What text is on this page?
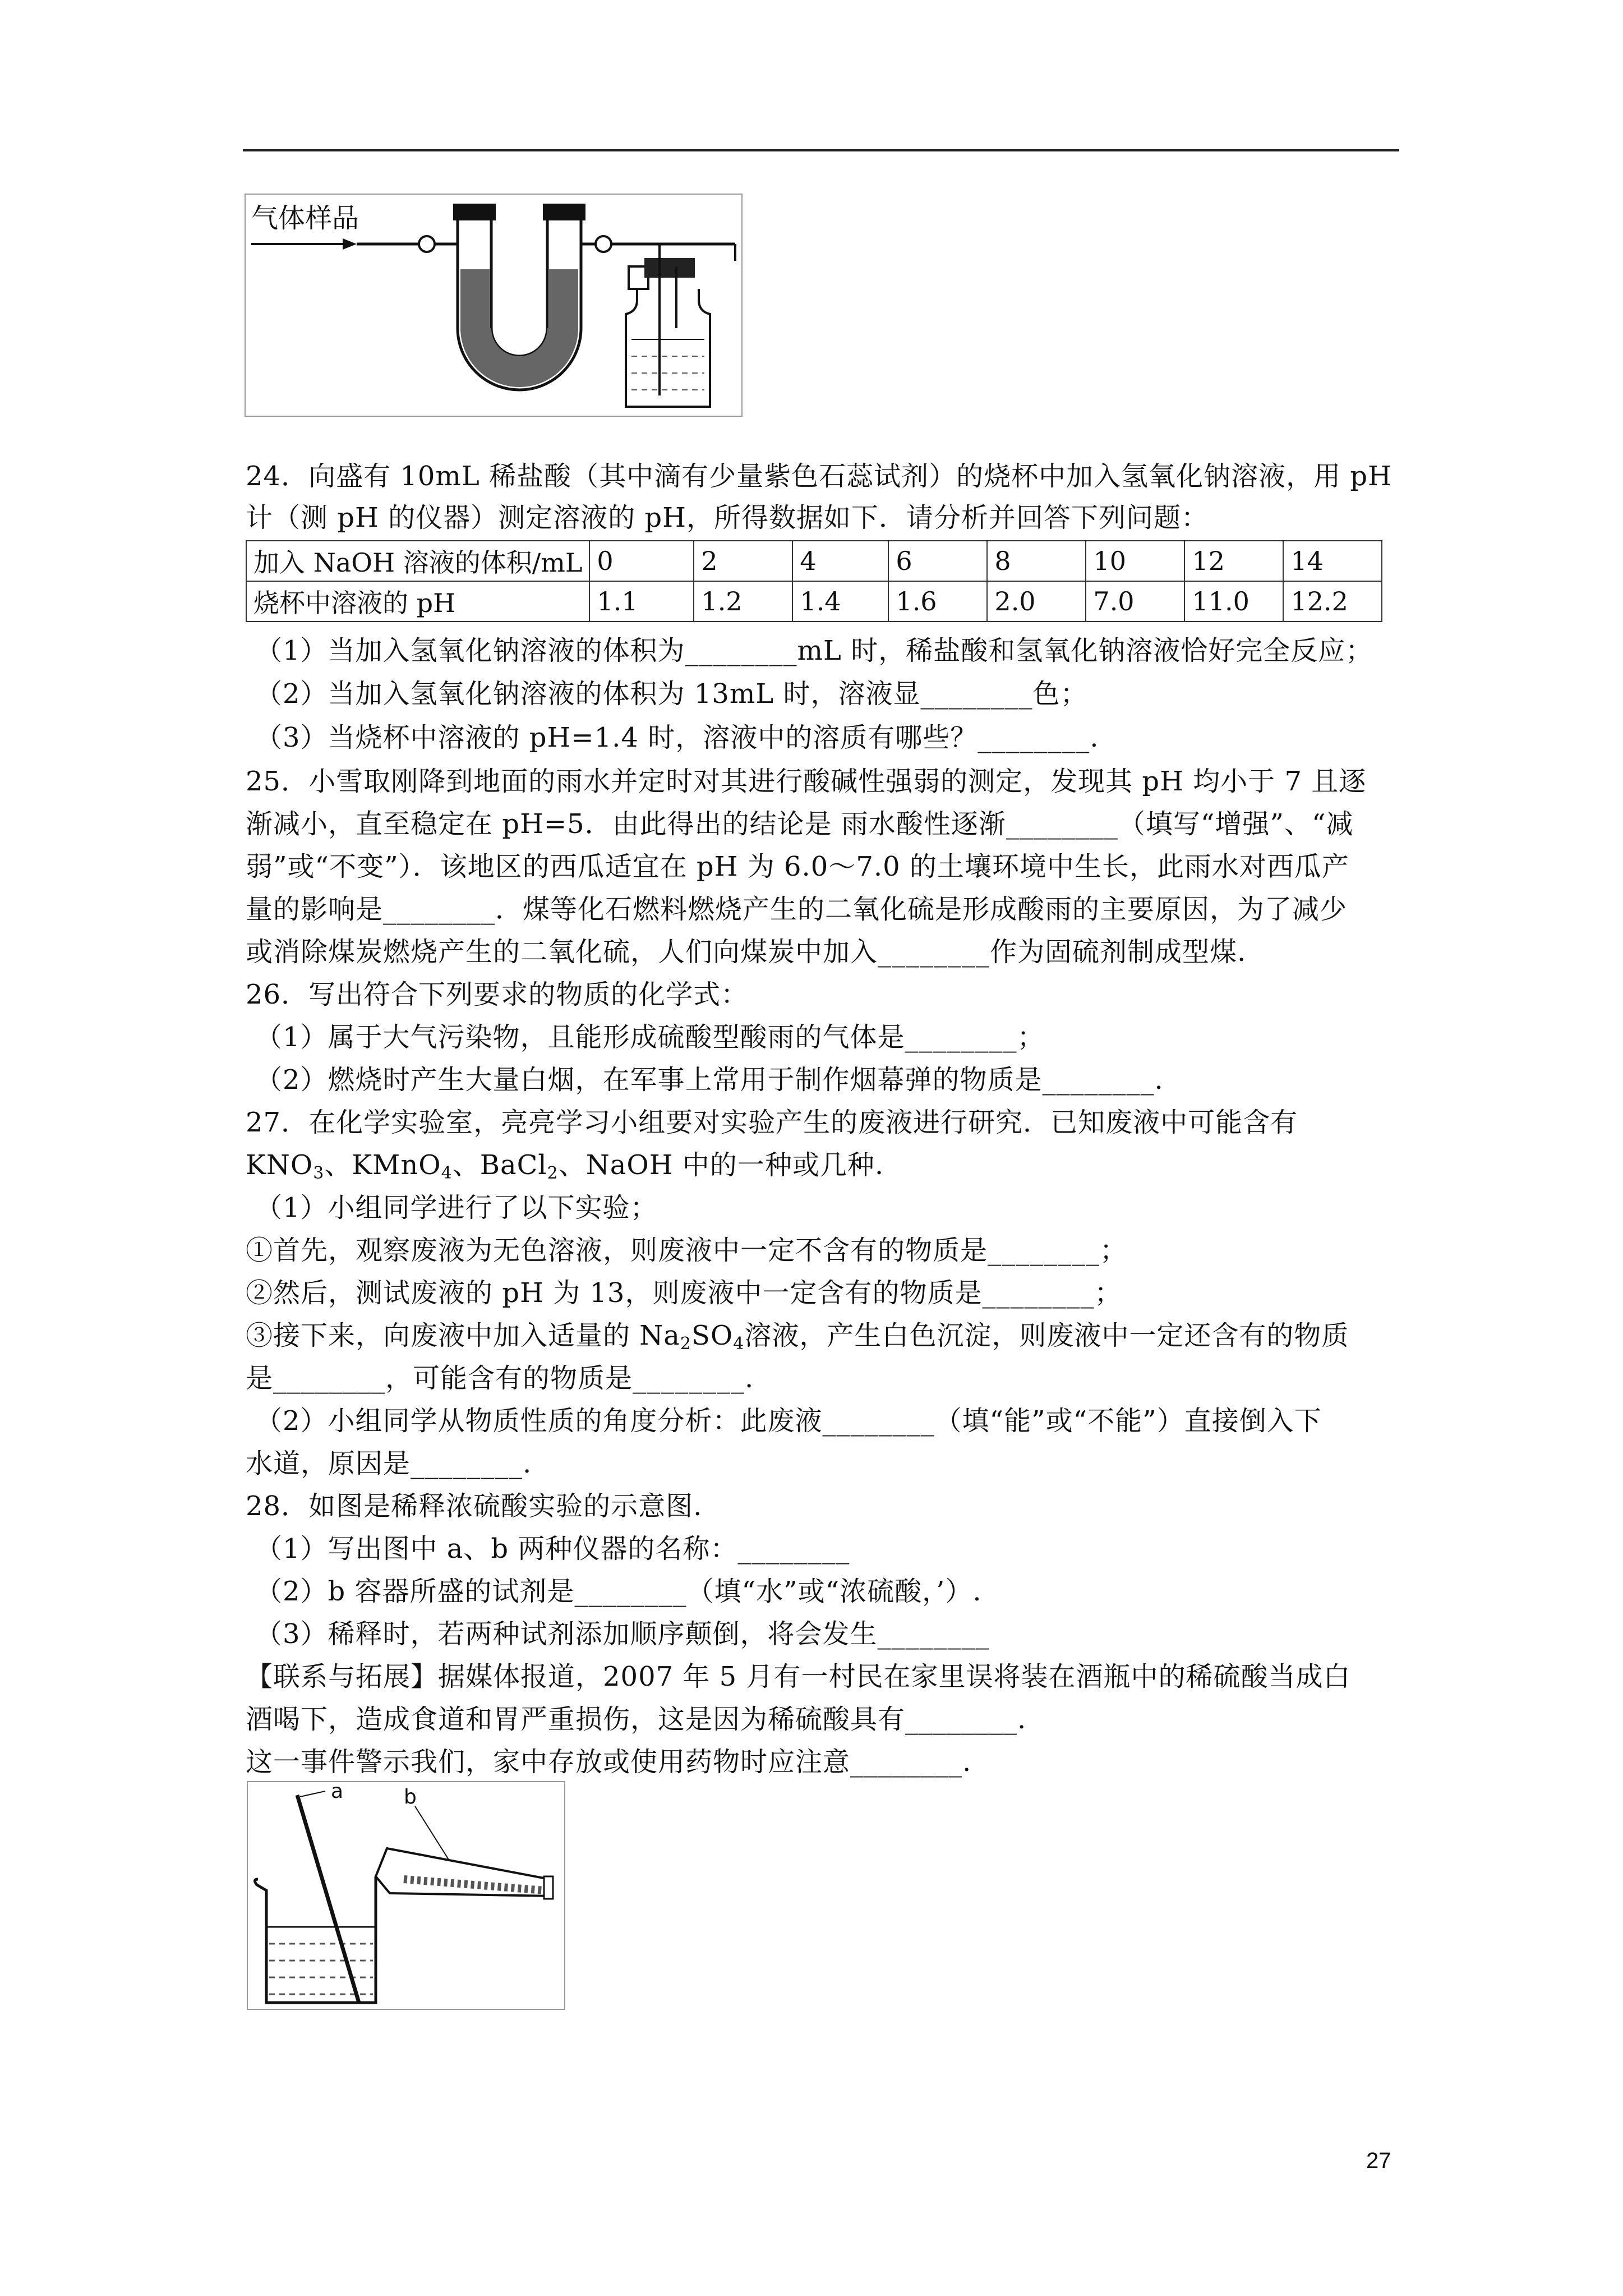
气体样品
24．向盛有 10mL 稀盐酸（其中滴有少量紫色石蕊试剂）的烧杯中加入氢氧化钠溶液，用 pH
计（测 pH 的仪器）测定溶液的 pH，所得数据如下．请分析并回答下列问题：
加入 NaOH 溶液的体积/mL	0	2	4	6	8	10	12	14
烧杯中溶液的 pH	1.1	1.2	1.4	1.6	2.0	7.0	11.0	12.2
（1）当加入氢氧化钠溶液的体积为________mL 时，稀盐酸和氢氧化钠溶液恰好完全反应；
（2）当加入氢氧化钠溶液的体积为 13mL 时，溶液显________色；
（3）当烧杯中溶液的 pH=1.4 时，溶液中的溶质有哪些？________.
25．小雪取刚降到地面的雨水并定时对其进行酸碱性强弱的测定，发现其 pH 均小于 7 且逐
渐减小，直至稳定在 pH=5．由此得出的结论是 雨水酸性逐渐________（填写“增强”、“减
弱”或“不变”）．该地区的西瓜适宜在 pH 为 6.0～7.0 的土壤环境中生长，此雨水对西瓜产
量的影响是________．煤等化石燃料燃烧产生的二氧化硫是形成酸雨的主要原因，为了减少
或消除煤炭燃烧产生的二氧化硫，人们向煤炭中加入________作为固硫剂制成型煤.
26．写出符合下列要求的物质的化学式：
（1）属于大气污染物，且能形成硫酸型酸雨的气体是________；
（2）燃烧时产生大量白烟，在军事上常用于制作烟幕弹的物质是________.
27．在化学实验室，亮亮学习小组要对实验产生的废液进行研究．已知废液中可能含有
$KNO_3$、KMnO$_4$、BaCl$_2$、NaOH 中的一种或几种.
（1）小组同学进行了以下实验；
①首先，观察废液为无色溶液，则废液中一定不含有的物质是________；
②然后，测试废液的 pH 为 13，则废液中一定含有的物质是________；
③接下来，向废液中加入适量的 $Na_2SO_4$溶液，产生白色沉淀，则废液中一定还含有的物质
是________，可能含有的物质是________.
（2）小组同学从物质性质的角度分析：此废液________（填“能”或“不能”）直接倒入下
水道，原因是________.
28．如图是稀释浓硫酸实验的示意图.
（1）写出图中 a、b 两种仪器的名称：________
（2）b 容器所盛的试剂是________（填“水”或“浓硫酸，’）.
（3）稀释时，若两种试剂添加顺序颠倒，将会发生________
【联系与拓展】据媒体报道，2007 年 5 月有一村民在家里误将装在酒瓶中的稀硫酸当成白
酒喝下，造成食道和胃严重损伤，这是因为稀硫酸具有________.
这一事件警示我们，家中存放或使用药物时应注意________.
a	b
27
